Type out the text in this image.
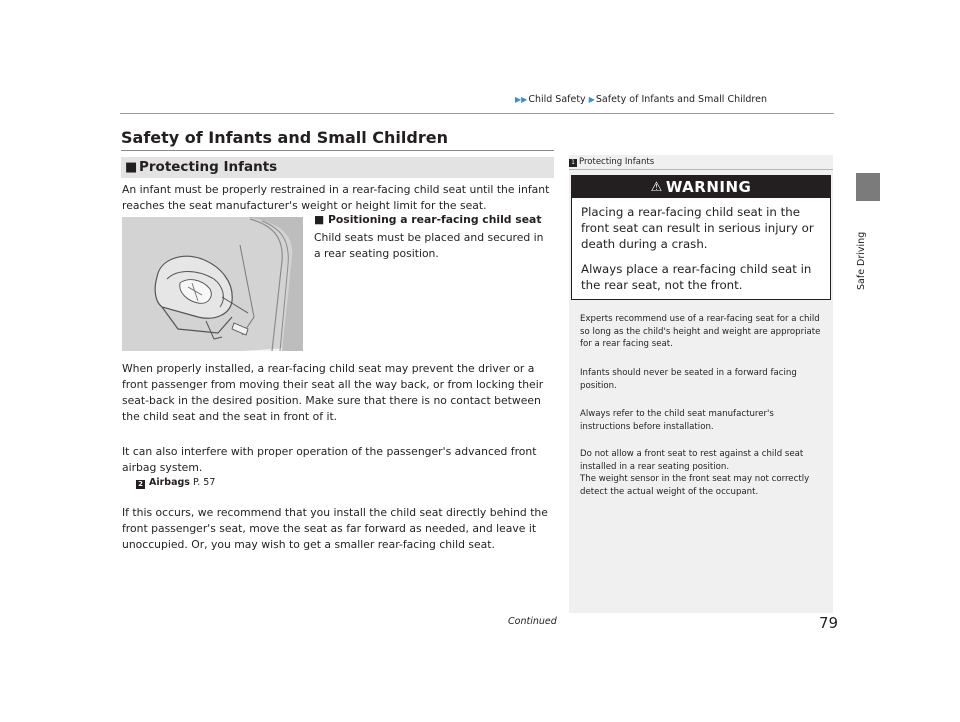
▶▶Child Safety ▶Safety of Infants and Small Children
Safe Driving
Safety of Infants and Small Children
■ Protecting Infants
An infant must be properly restrained in a rear-facing child seat until the infant reaches the seat manufacturer's weight or height limit for the seat.
■ Positioning a rear-facing child seat
Child seats must be placed and secured in a rear seating position.
When properly installed, a rear-facing child seat may prevent the driver or a front passenger from moving their seat all the way back, or from locking their seat-back in the desired position. Make sure that there is no contact between the child seat and the seat in front of it.
It can also interfere with proper operation of the passenger's advanced front airbag system.
2 Airbags P. 57
If this occurs, we recommend that you install the child seat directly behind the front passenger's seat, move the seat as far forward as needed, and leave it unoccupied. Or, you may wish to get a smaller rear-facing child seat.
1 Protecting Infants
⚠ WARNING
Placing a rear-facing child seat in the front seat can result in serious injury or death during a crash.
Always place a rear-facing child seat in the rear seat, not the front.
Experts recommend use of a rear-facing seat for a child so long as the child's height and weight are appropriate for a rear facing seat.
Infants should never be seated in a forward facing position.
Always refer to the child seat manufacturer's instructions before installation.
Do not allow a front seat to rest against a child seat installed in a rear seating position.
The weight sensor in the front seat may not correctly detect the actual weight of the occupant.
Continued	79
